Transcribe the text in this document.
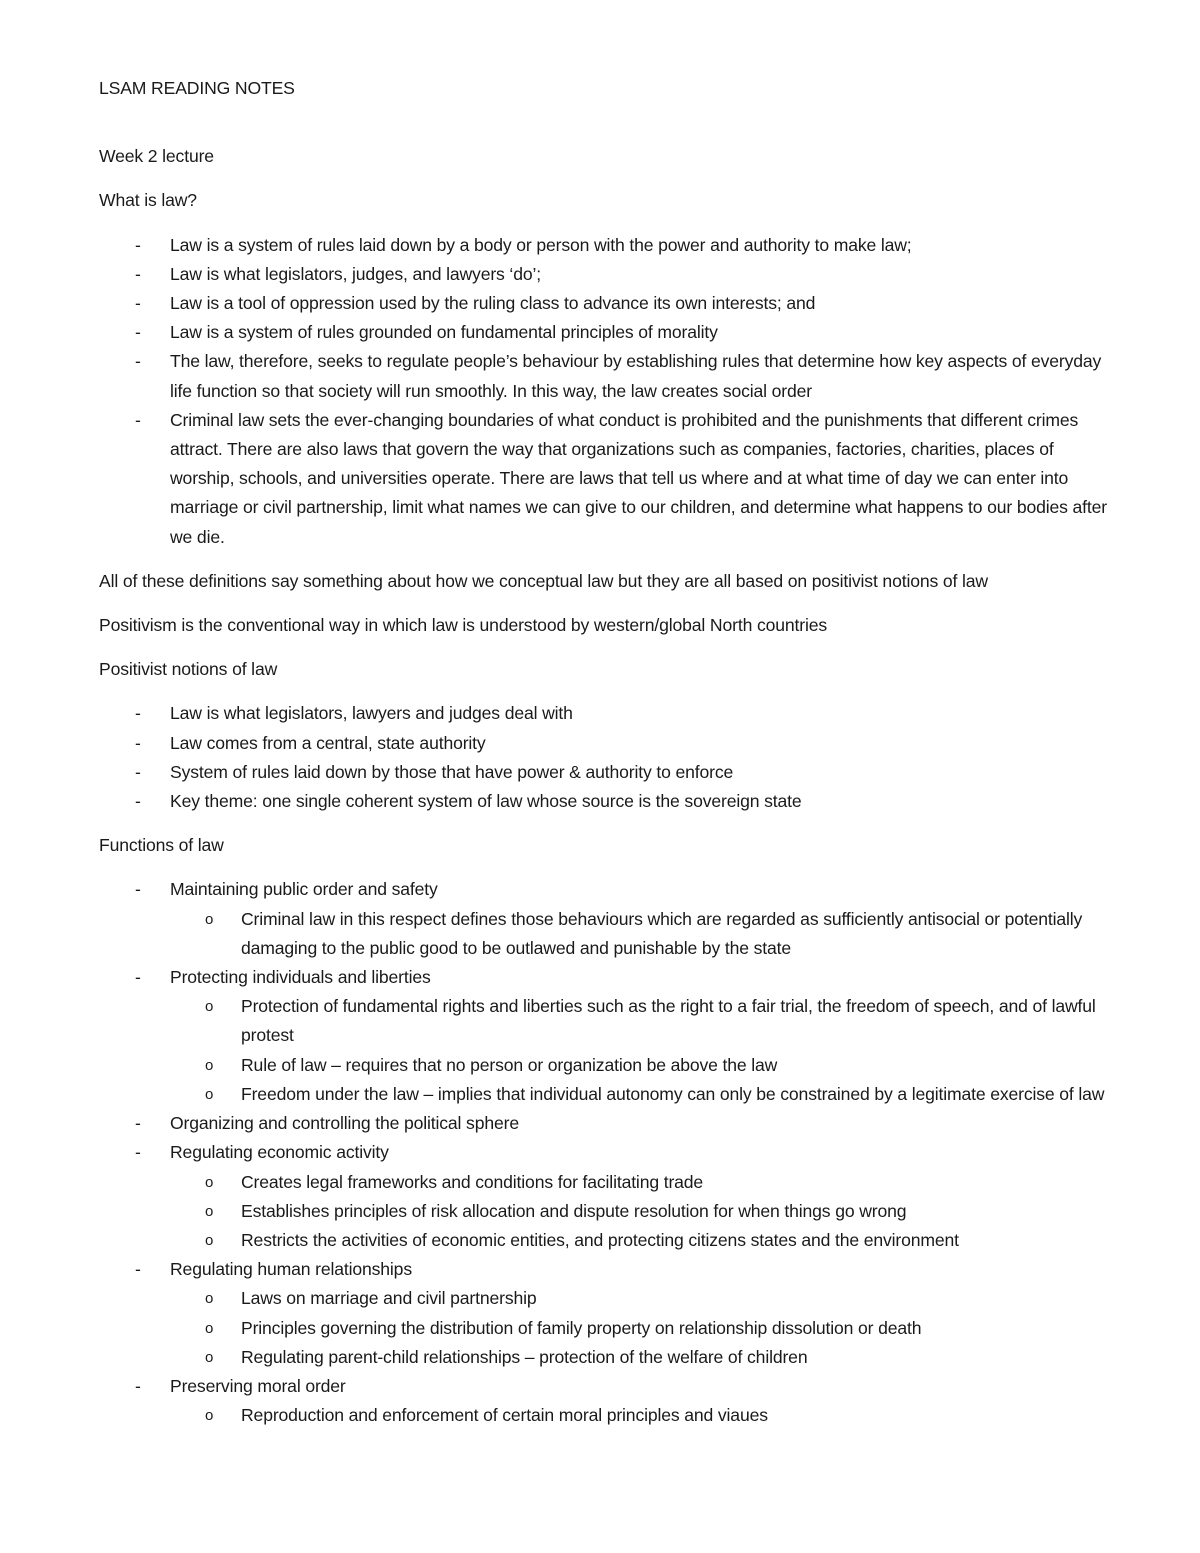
LSAM READING NOTES
Week 2 lecture
What is law?
- Law is a system of rules laid down by a body or person with the power and authority to make law;
- Law is what legislators, judges, and lawyers ‘do’;
- Law is a tool of oppression used by the ruling class to advance its own interests; and
- Law is a system of rules grounded on fundamental principles of morality
- The law, therefore, seeks to regulate people’s behaviour by establishing rules that determine how key aspects of everyday life function so that society will run smoothly. In this way, the law creates social order
- Criminal law sets the ever-changing boundaries of what conduct is prohibited and the punishments that different crimes attract. There are also laws that govern the way that organizations such as companies, factories, charities, places of worship, schools, and universities operate. There are laws that tell us where and at what time of day we can enter into marriage or civil partnership, limit what names we can give to our children, and determine what happens to our bodies after we die.
All of these definitions say something about how we conceptual law but they are all based on positivist notions of law
Positivism is the conventional way in which law is understood by western/global North countries
Positivist notions of law
- Law is what legislators, lawyers and judges deal with
- Law comes from a central, state authority
- System of rules laid down by those that have power & authority to enforce
- Key theme: one single coherent system of law whose source is the sovereign state
Functions of law
- Maintaining public order and safety
o Criminal law in this respect defines those behaviours which are regarded as sufficiently antisocial or potentially damaging to the public good to be outlawed and punishable by the state
- Protecting individuals and liberties
o Protection of fundamental rights and liberties such as the right to a fair trial, the freedom of speech, and of lawful protest
o Rule of law – requires that no person or organization be above the law
o Freedom under the law – implies that individual autonomy can only be constrained by a legitimate exercise of law
- Organizing and controlling the political sphere
- Regulating economic activity
o Creates legal frameworks and conditions for facilitating trade
o Establishes principles of risk allocation and dispute resolution for when things go wrong
o Restricts the activities of economic entities, and protecting citizens states and the environment
- Regulating human relationships
o Laws on marriage and civil partnership
o Principles governing the distribution of family property on relationship dissolution or death
o Regulating parent-child relationships – protection of the welfare of children
- Preserving moral order
o Reproduction and enforcement of certain moral principles and viaues
